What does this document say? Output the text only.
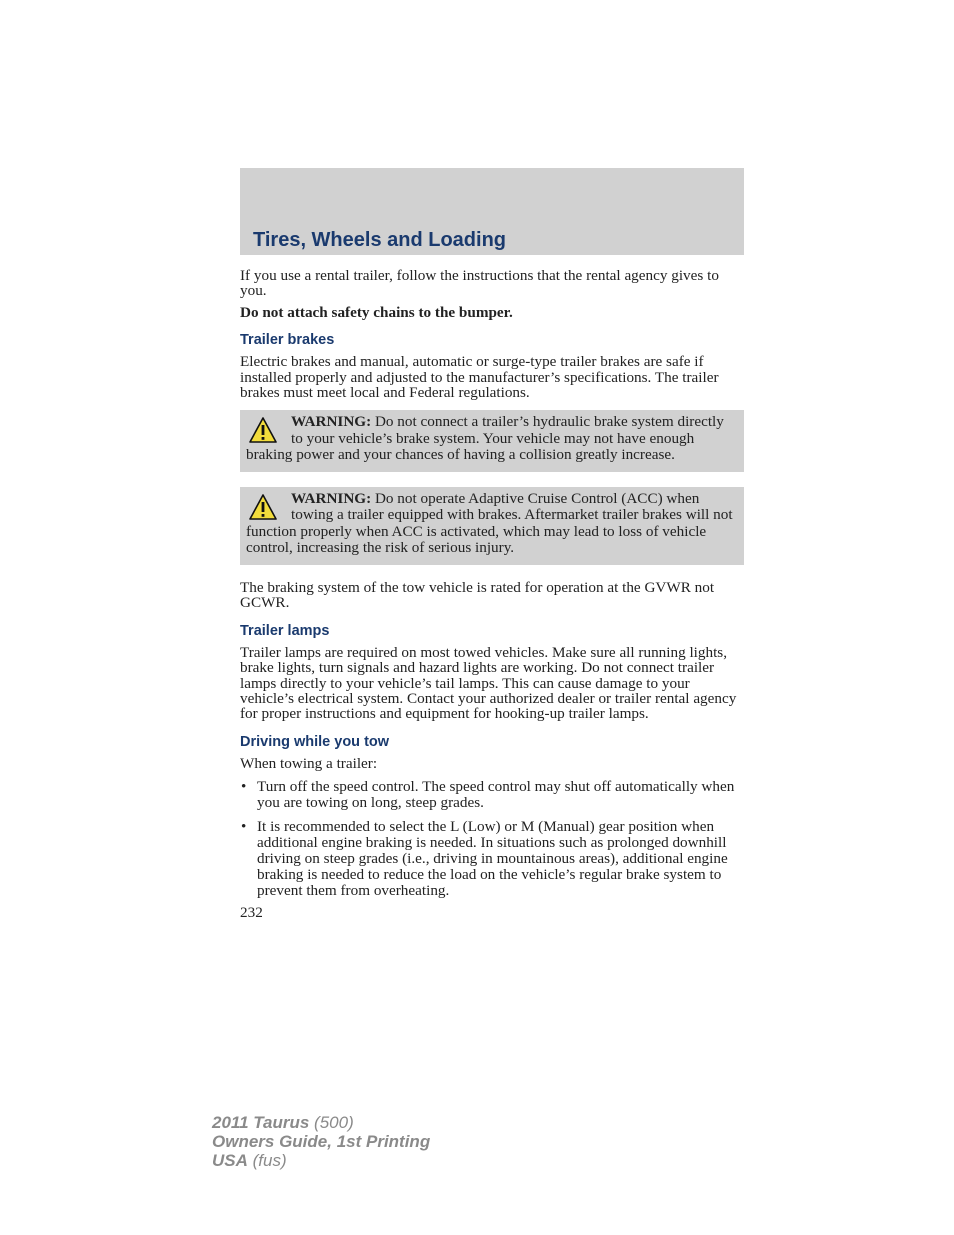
Tires, Wheels and Loading

If you use a rental trailer, follow the instructions that the rental agency gives to you.

Do not attach safety chains to the bumper.

Trailer brakes

Electric brakes and manual, automatic or surge-type trailer brakes are safe if installed properly and adjusted to the manufacturer’s specifications. The trailer brakes must meet local and Federal regulations.

WARNING: Do not connect a trailer’s hydraulic brake system directly to your vehicle’s brake system. Your vehicle may not have enough braking power and your chances of having a collision greatly increase.
WARNING: Do not operate Adaptive Cruise Control (ACC) when towing a trailer equipped with brakes. Aftermarket trailer brakes will not function properly when ACC is activated, which may lead to loss of vehicle control, increasing the risk of serious injury.

The braking system of the tow vehicle is rated for operation at the GVWR not GCWR.

Trailer lamps

Trailer lamps are required on most towed vehicles. Make sure all running lights, brake lights, turn signals and hazard lights are working. Do not connect trailer lamps directly to your vehicle’s tail lamps. This can cause damage to your vehicle’s electrical system. Contact your authorized dealer or trailer rental agency for proper instructions and equipment for hooking-up trailer lamps.

Driving while you tow

When towing a trailer:

• Turn off the speed control. The speed control may shut off automatically when you are towing on long, steep grades.
• It is recommended to select the L (Low) or M (Manual) gear position when additional engine braking is needed. In situations such as prolonged downhill driving on steep grades (i.e., driving in mountainous areas), additional engine braking is needed to reduce the load on the vehicle’s regular brake system to prevent them from overheating.

232

2011 Taurus (500)
Owners Guide, 1st Printing
USA (fus)
